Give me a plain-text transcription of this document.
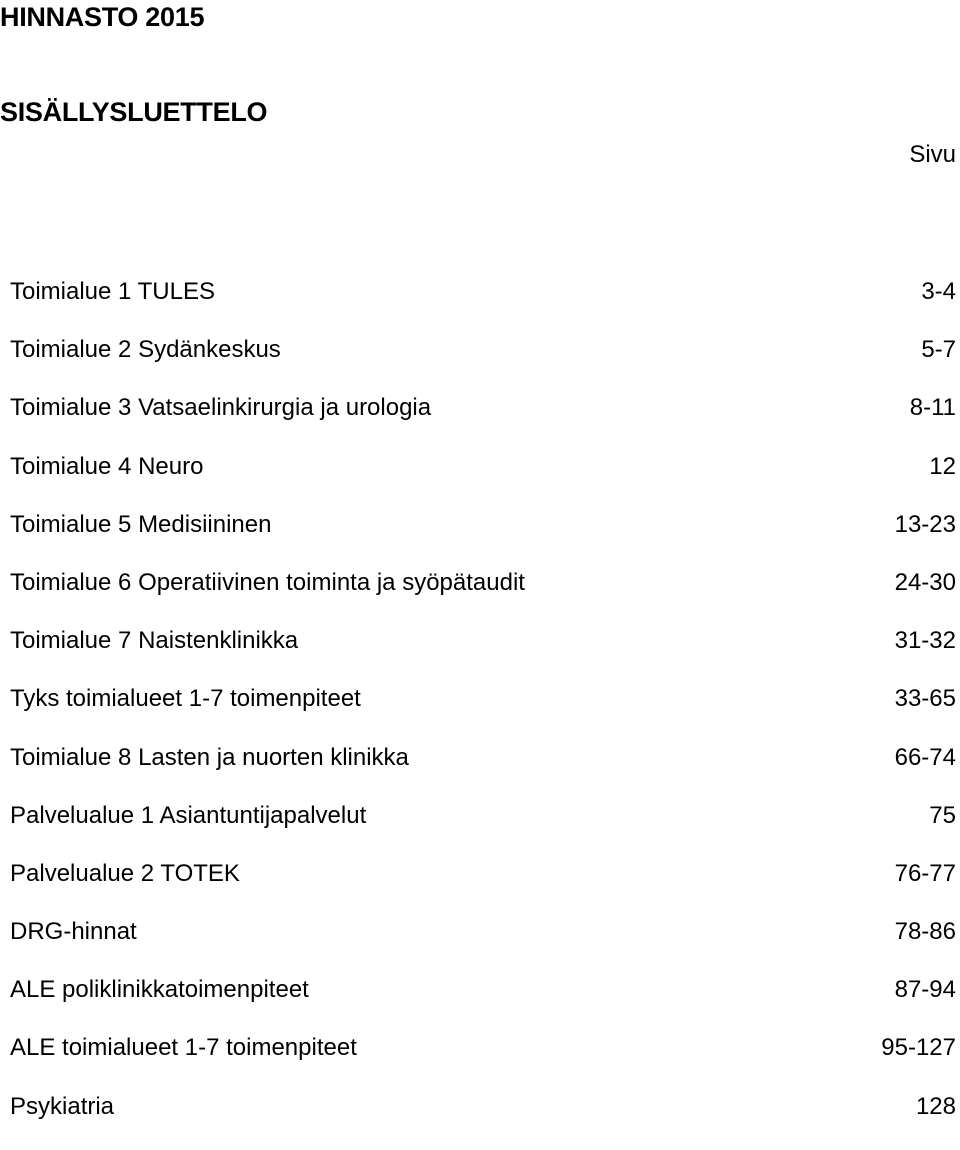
HINNASTO 2015
SISÄLLYSLUETTELO
Sivu
Toimialue 1 TULES	3-4
Toimialue 2 Sydänkeskus	5-7
Toimialue 3 Vatsaelinkirurgia ja urologia	8-11
Toimialue 4 Neuro	12
Toimialue 5 Medisiininen	13-23
Toimialue 6 Operatiivinen toiminta ja syöpätaudit	24-30
Toimialue 7 Naistenklinikka	31-32
Tyks toimialueet 1-7 toimenpiteet	33-65
Toimialue 8 Lasten ja nuorten klinikka	66-74
Palvelualue 1 Asiantuntijapalvelut	75
Palvelualue 2 TOTEK	76-77
DRG-hinnat	78-86
ALE poliklinikkatoimenpiteet	87-94
ALE toimialueet 1-7 toimenpiteet	95-127
Psykiatria	128
